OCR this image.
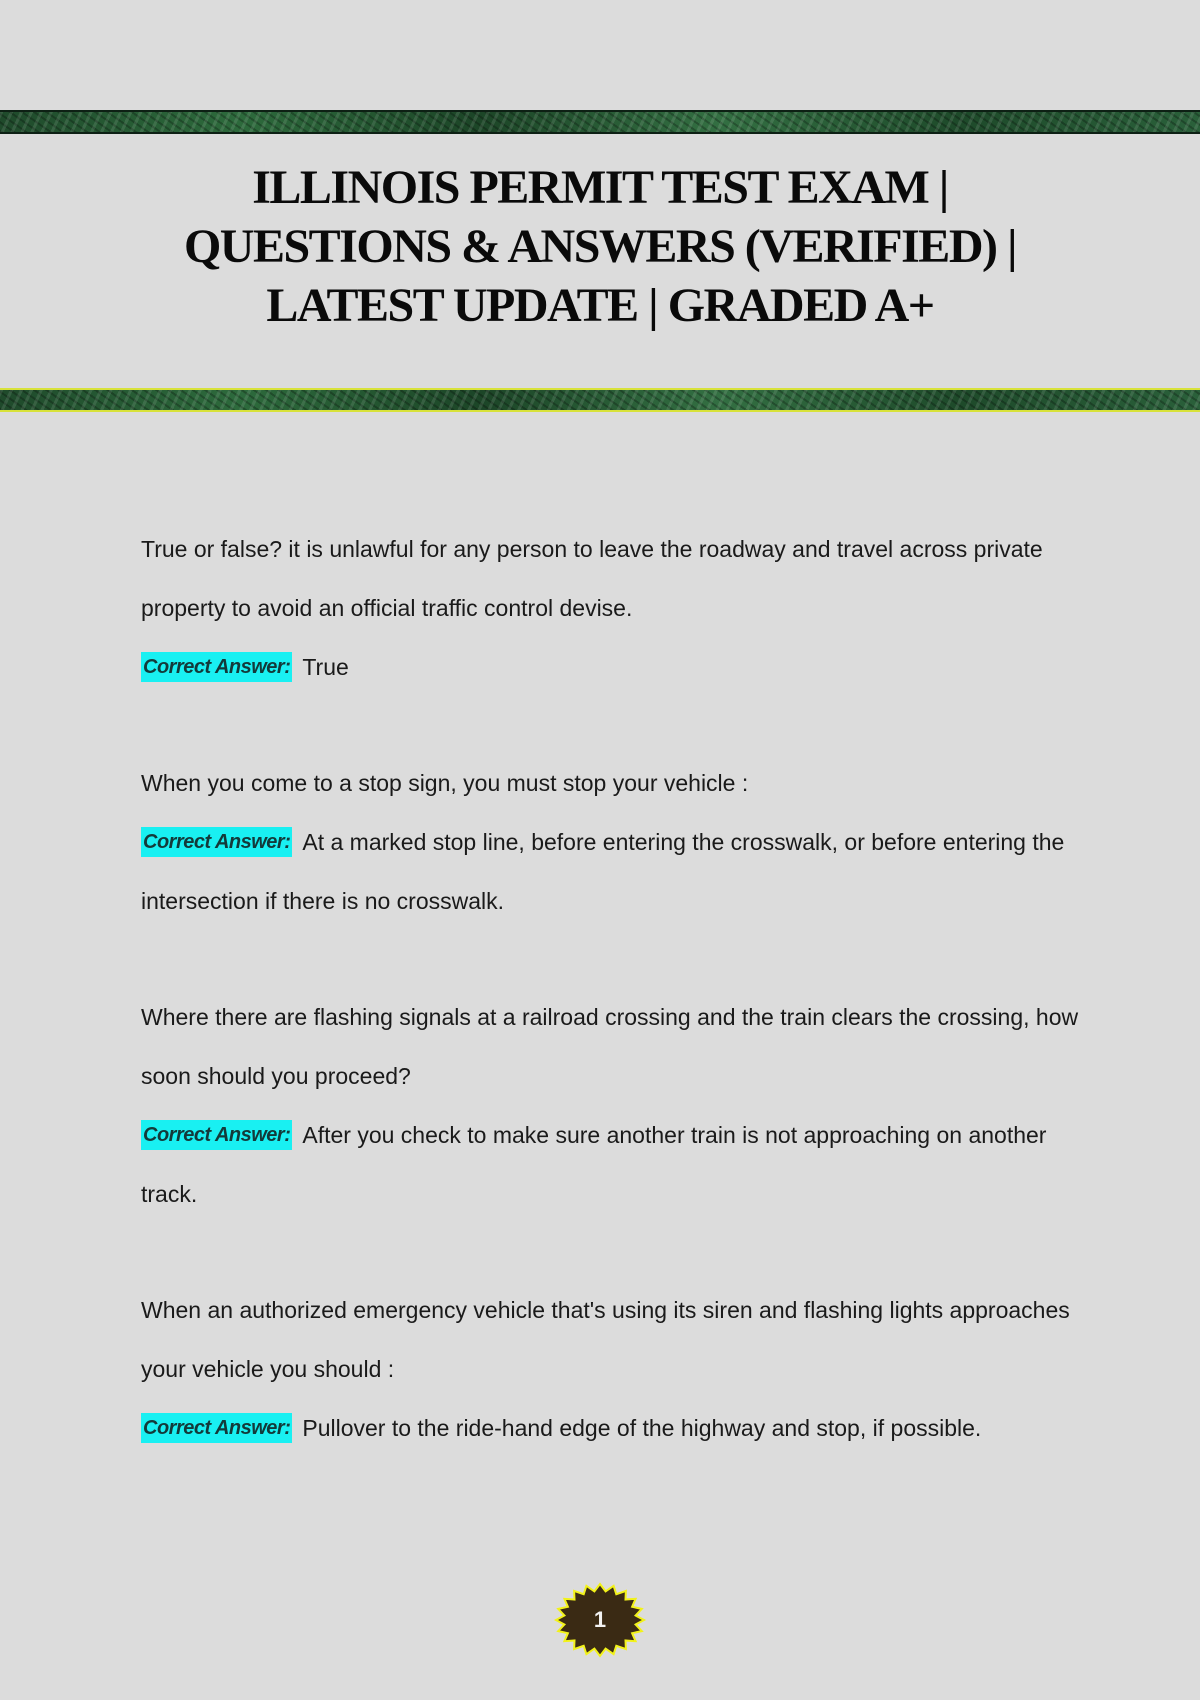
ILLINOIS PERMIT TEST EXAM |
QUESTIONS & ANSWERS (VERIFIED) |
LATEST UPDATE | GRADED A+

True or false? it is unlawful for any person to leave the roadway and travel across private property to avoid an official traffic control devise.

Correct Answer: True

When you come to a stop sign, you must stop your vehicle :

Correct Answer: At a marked stop line, before entering the crosswalk, or before entering the intersection if there is no crosswalk.

Where there are flashing signals at a railroad crossing and the train clears the crossing, how soon should you proceed?

Correct Answer: After you check to make sure another train is not approaching on another track.

When an authorized emergency vehicle that's using its siren and flashing lights approaches your vehicle you should :

Correct Answer: Pullover to the ride-hand edge of the highway and stop, if possible.

1
